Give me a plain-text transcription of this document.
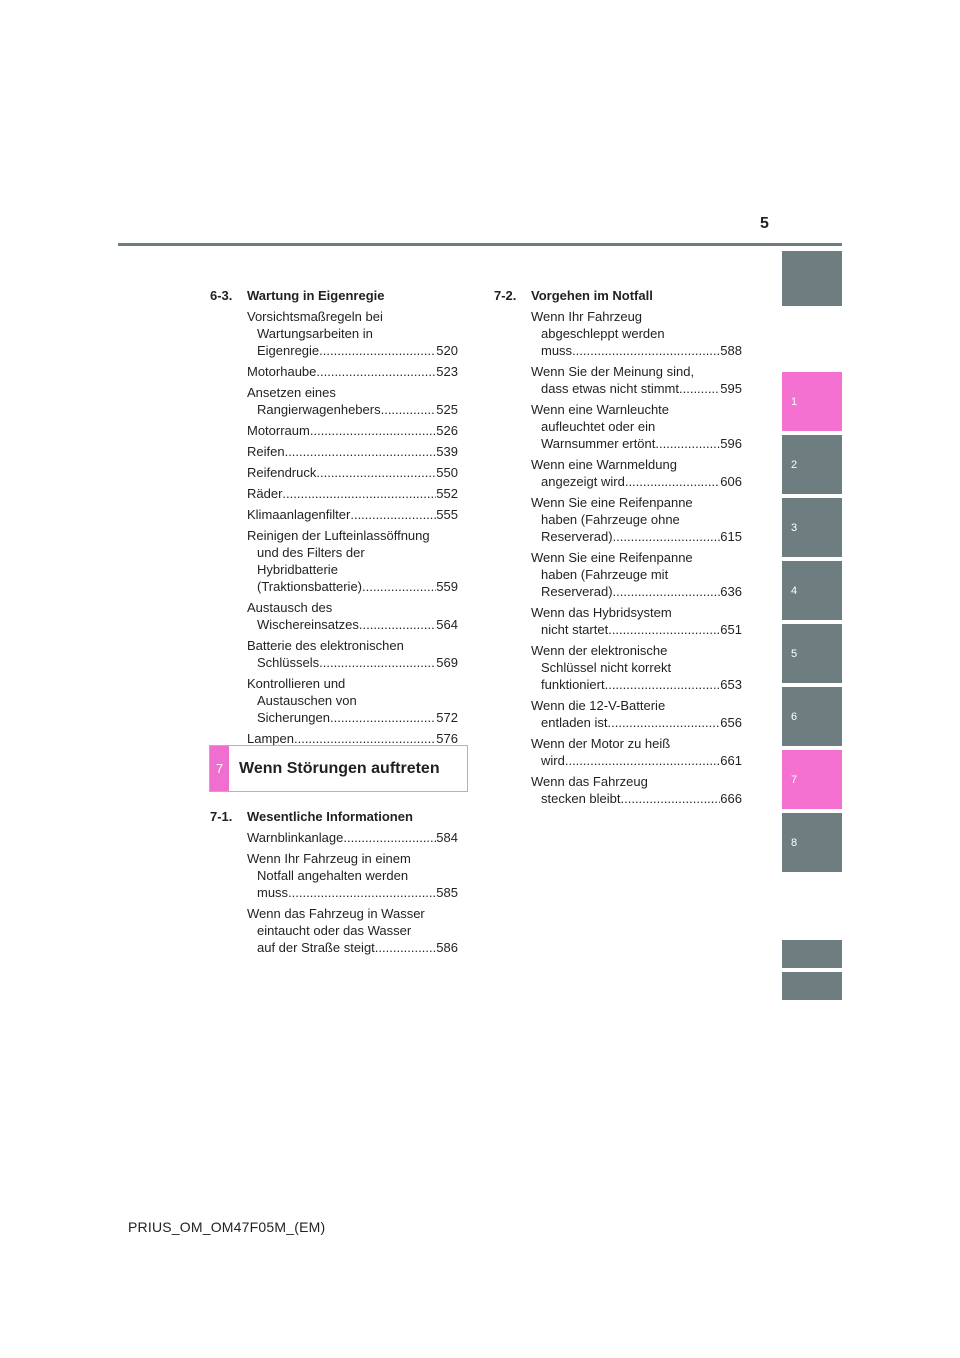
5
6-3.	Wartung in Eigenregie
Vorsichtsmaßregeln bei
Wartungsarbeiten in
Eigenregie .....	520
Motorhaube .....	523
Ansetzen eines
Rangierwagenhebers .....	525
Motorraum .....	526
Reifen .....	539
Reifendruck .....	550
Räder .....	552
Klimaanlagenfilter .....	555
Reinigen der Lufteinlassöffnung
und des Filters der
Hybridbatterie
(Traktionsbatterie) .....	559
Austausch des
Wischereinsatzes .....	564
Batterie des elektronischen
Schlüssels .....	569
Kontrollieren und
Austauschen von
Sicherungen .....	572
Lampen .....	576
7-1.	Wesentliche Informationen
Warnblinkanlage .....	584
Wenn Ihr Fahrzeug in einem
Notfall angehalten werden
muss .....	585
Wenn das Fahrzeug in Wasser
eintaucht oder das Wasser
auf der Straße steigt .....	586
7-2.	Vorgehen im Notfall
Wenn Ihr Fahrzeug
abgeschleppt werden
muss .....	588
Wenn Sie der Meinung sind,
dass etwas nicht stimmt .....	595
Wenn eine Warnleuchte
aufleuchtet oder ein
Warnsummer ertönt .....	596
Wenn eine Warnmeldung
angezeigt wird .....	606
Wenn Sie eine Reifenpanne
haben (Fahrzeuge ohne
Reserverad) .....	615
Wenn Sie eine Reifenpanne
haben (Fahrzeuge mit
Reserverad) .....	636
Wenn das Hybridsystem
nicht startet .....	651
Wenn der elektronische
Schlüssel nicht korrekt
funktioniert .....	653
Wenn die 12-V-Batterie
entladen ist .....	656
Wenn der Motor zu heiß
wird .....	661
Wenn das Fahrzeug
stecken bleibt .....	666
7 Wenn Störungen auftreten
1
2
3
4
5
6
7
8
PRIUS_OM_OM47F05M_(EM)
